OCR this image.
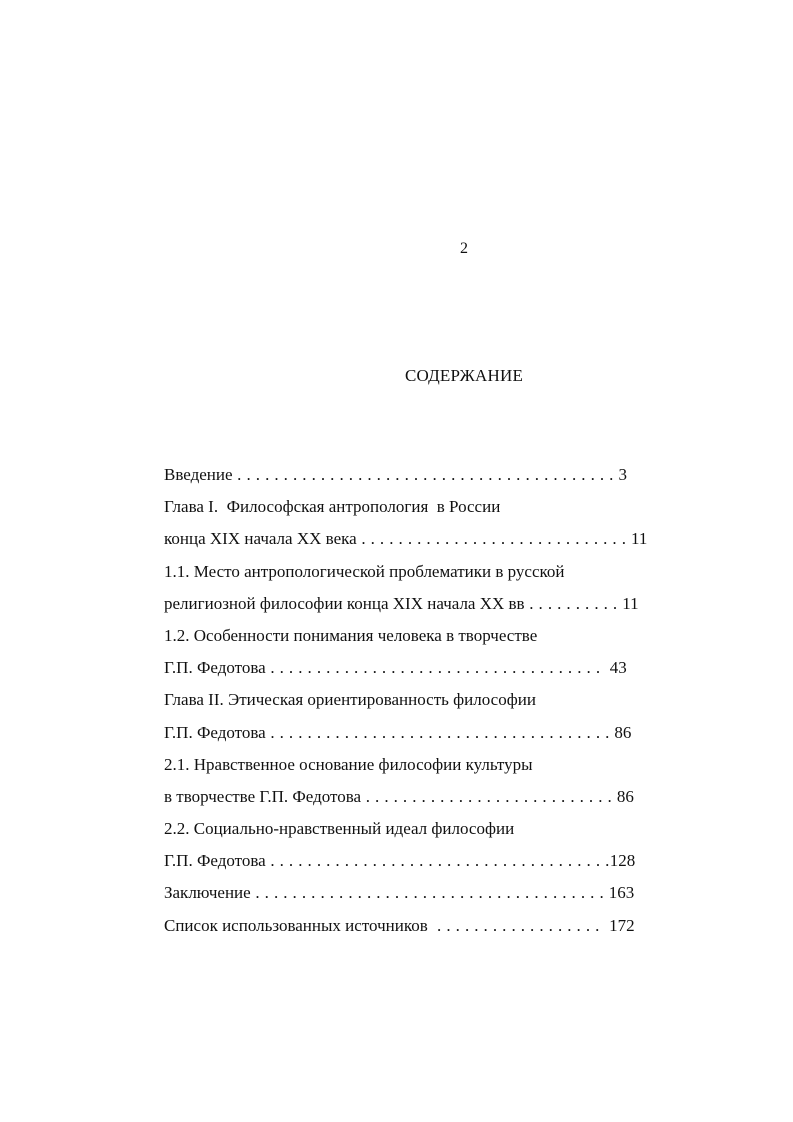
2
СОДЕРЖАНИЕ
Введение . . . . . . . . . . . . . . . . . . . . . . . . . . . . . . . . . . . . . . . . . 3
Глава I.  Философская антропология  в России
конца XIX начала XX века . . . . . . . . . . . . . . . . . . . . . . . . . . . . . 11
1.1. Место антропологической проблематики в русской
религиозной философии конца XIX начала XX вв . . . . . . . . . . 11
1.2. Особенности понимания человека в творчестве
Г.П. Федотова . . . . . . . . . . . . . . . . . . . . . . . . . . . . . . . . . . . .  43
Глава II. Этическая ориентированность философии
Г.П. Федотова . . . . . . . . . . . . . . . . . . . . . . . . . . . . . . . . . . . . . 86
2.1. Нравственное основание философии культуры
в творчестве Г.П. Федотова . . . . . . . . . . . . . . . . . . . . . . . . . . . 86
2.2. Социально-нравственный идеал философии
Г.П. Федотова . . . . . . . . . . . . . . . . . . . . . . . . . . . . . . . . . . . . .128
Заключение . . . . . . . . . . . . . . . . . . . . . . . . . . . . . . . . . . . . . . 163
Список использованных источников  . . . . . . . . . . . . . . . . . .  172
